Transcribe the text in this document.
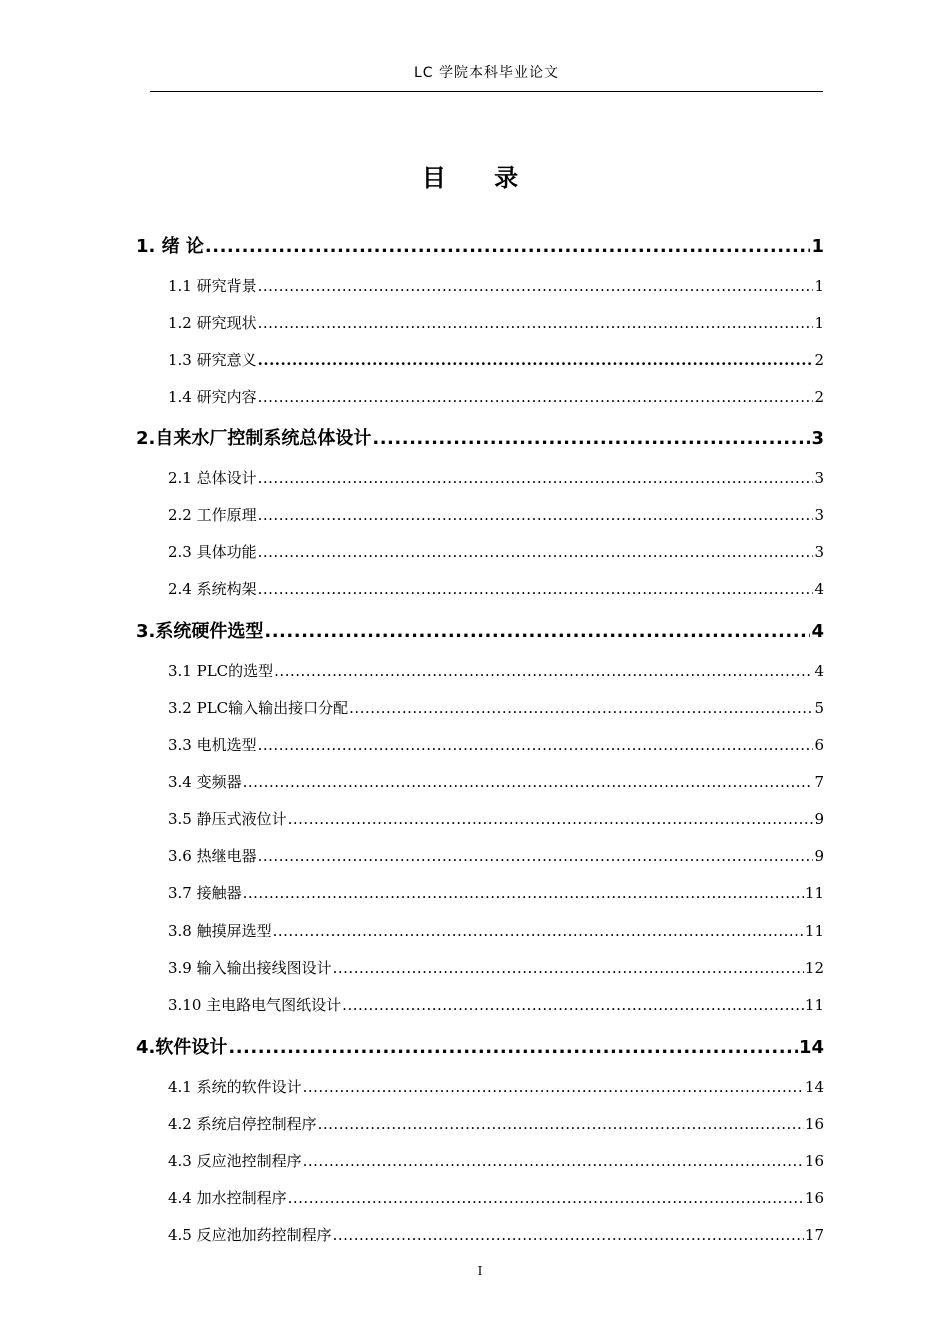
LC 学院本科毕业论文
目 录
1. 绪 论 .....	1
1.1 研究背景 .....	1
1.2 研究现状 .....	1
1.3 研究意义 .....	2
1.4 研究内容 .....	2
2.自来水厂控制系统总体设计 .....	3
2.1 总体设计 .....	3
2.2 工作原理 .....	3
2.3 具体功能 .....	3
2.4 系统构架 .....	4
3.系统硬件选型 .....	4
3.1 PLC的选型 .....	4
3.2 PLC输入输出接口分配 .....	5
3.3 电机选型 .....	6
3.4 变频器 .....	7
3.5 静压式液位计 .....	9
3.6 热继电器 .....	9
3.7 接触器 .....	11
3.8 触摸屏选型 .....	11
3.9 输入输出接线图设计 .....	12
3.10 主电路电气图纸设计 .....	11
4.软件设计 .....	14
4.1 系统的软件设计 .....	14
4.2 系统启停控制程序 .....	16
4.3 反应池控制程序 .....	16
4.4 加水控制程序 .....	16
4.5 反应池加药控制程序 .....	17
I
